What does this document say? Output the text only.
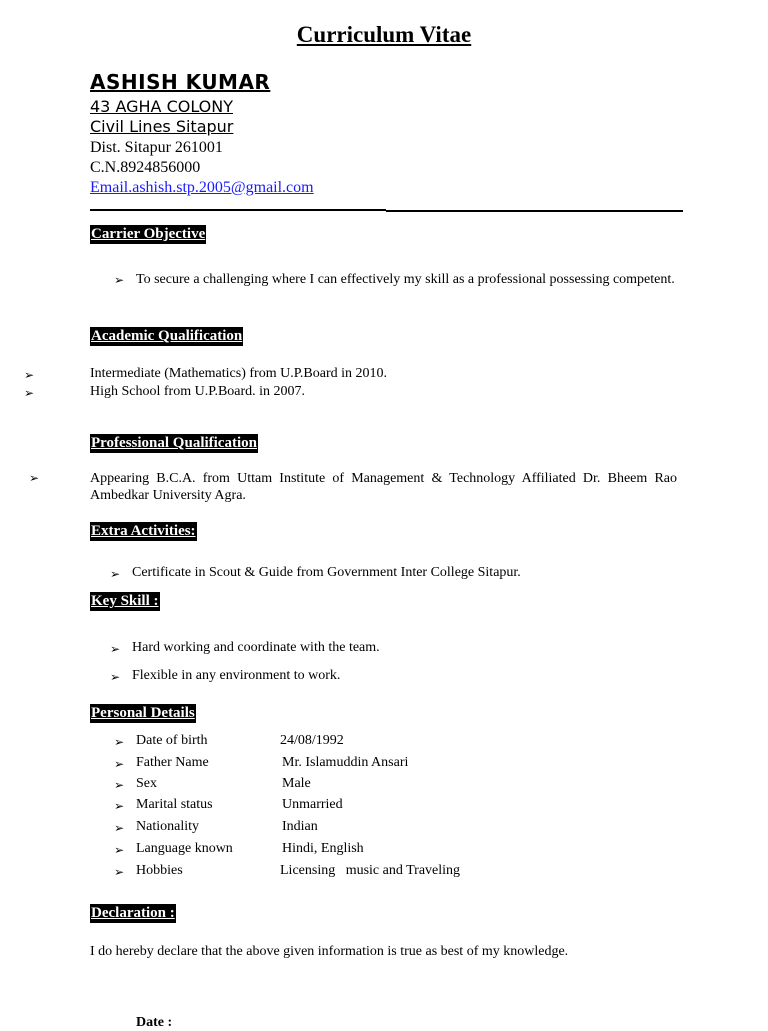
Curriculum Vitae
ASHISH KUMAR
43 AGHA COLONY
Civil Lines Sitapur
Dist. Sitapur 261001
C.N.8924856000
Email.ashish.stp.2005@gmail.com
Carrier Objective
➢ To secure a challenging where I can effectively my skill as a professional possessing competent.
Academic Qualification
➢	Intermediate (Mathematics) from U.P.Board in 2010.
➢	High School from U.P.Board. in 2007.
Professional Qualification
➢	Appearing B.C.A. from Uttam Institute of Management & Technology Affiliated Dr. Bheem Rao Ambedkar University Agra.
Extra Activities:
➢ Certificate in Scout & Guide from Government Inter College Sitapur.
Key Skill :
➢ Hard working and coordinate with the team.
➢ Flexible in any environment to work.
Personal Details
➢ Date of birth	24/08/1992
➢ Father Name	Mr. Islamuddin Ansari
➢ Sex	Male
➢ Marital status	Unmarried
➢ Nationality	Indian
➢ Language known	Hindi, English
➢ Hobbies	Licensing   music and Traveling
Declaration :
I do hereby declare that the above given information is true as best of my knowledge.
Date :
